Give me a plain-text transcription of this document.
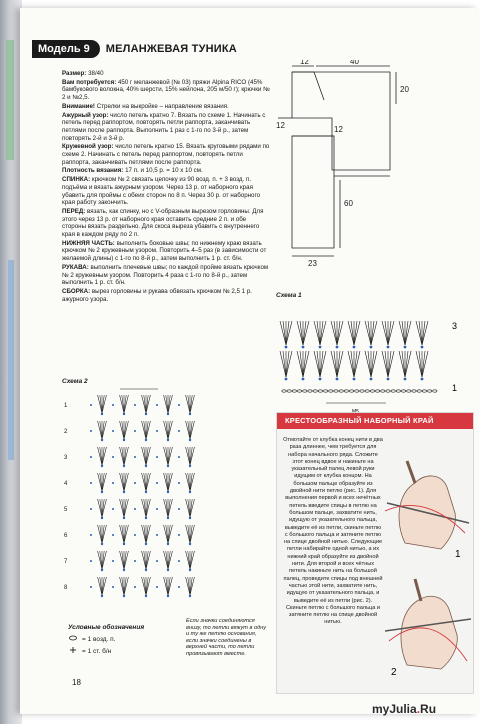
Модель 9	МЕЛАНЖЕВАЯ ТУНИКА

Размер: 38/40

Вам потребуется: 450 г меланжевой (№ 03) пряжи Alpina RICO (45% бамбукового волокна, 40% шерсти, 15% нейлона, 205 м/50 г); крючки № 2 и №2,5.

Внимание! Стрелки на выкройке – направление вязания.

Ажурный узор: число петель кратно 7. Вязать по схеме 1. Начинать с петель перед раппортом, повторять петли раппорта, заканчивать петлями после раппорта. Выполнить 1 раз с 1-го по 3-й р., затем повторять 2-й и 3-й р.

Кружевной узор: число петель кратно 15. Вязать круговыми рядами по схеме 2. Начинать с петель перед раппортом, повторять петли раппорта, заканчивать петлями после раппорта.

Плотность вязания: 17 п. и 10,5 р. = 10 х 10 см.

СПИНКА: крючком № 2 связать цепочку из 90 возд. п. + 3 возд. п. подъёма и вязать ажурным узором. Через 13 р. от наборного края убавить для проймы с обеих сторон по 8 п. Через 30 р. от наборного края работу закончить.

ПЕРЕД: вязать, как спинку, но с V-образным вырезом горловины. Для этого через 13 р. от наборного края оставить средние 2 п. и обе стороны вязать раздельно. Для скоса выреза убавить с внутреннего края в каждом ряду по 2 п.

НИЖНЯЯ ЧАСТЬ: выполнить боковые швы; по нижнему краю вязать крючком № 2 кружевным узором. Повторить 4–5 раз (в зависимости от желаемой длины) с 1-го по 8-й р., затем выполнить 1 р. ст. б/н.

РУКАВА: выполнить плечевые швы; по каждой пройме вязать крючком № 2 кружевным узором. Повторить 4 раза с 1-го по 8-й р., затем выполнить 1 р. ст. б/н.

СБОРКА: вырез горловины и рукава обвязать крючком № 2,5 1 р. ажурного узора.

12	40
20
12	12
60
23
Схема 1
3
1
Схема 2
1
2
3
4
5
6
7
8
Условные обозначения
= 1 возд. п.
= 1 ст. б/н
Если значки соединяются внизу, то петли вяжут в одну и ту же петлю основания, если значки соединены в верхней части, то петли провязывают вместе.
КРЕСТООБРАЗНЫЙ НАБОРНЫЙ КРАЙ

Отмотайте от клубка конец нити в два раза длиннее, чем требуется для набора начального ряда. Сложите этот конец вдвое и накиньте на указательный палец левой руки идущим от клубка концом. На большом пальце образуйте из двойной нити петлю (рис. 1). Для выполнения первой и всех нечётных петель введите спицы в петлю на большом пальце, захватите нить, идущую от указательного пальца, выведите её из петли, скиньте петлю с большого пальца и затяните петлю на спице двойной нитью. Следующие петли набирайте одной нитью, а их нижний край образуйте из двойной нити. Для второй и всех чётных петель накиньте нить на большой палец, проведите спицы под внешней частью этой нити, захватите нить, идущую от указательного пальца, и выведите её из петли (рис. 2). Скиньте петлю с большого пальца и затяните петлю на спице двойной нитью.

1
2
18
myJulia.Ru
